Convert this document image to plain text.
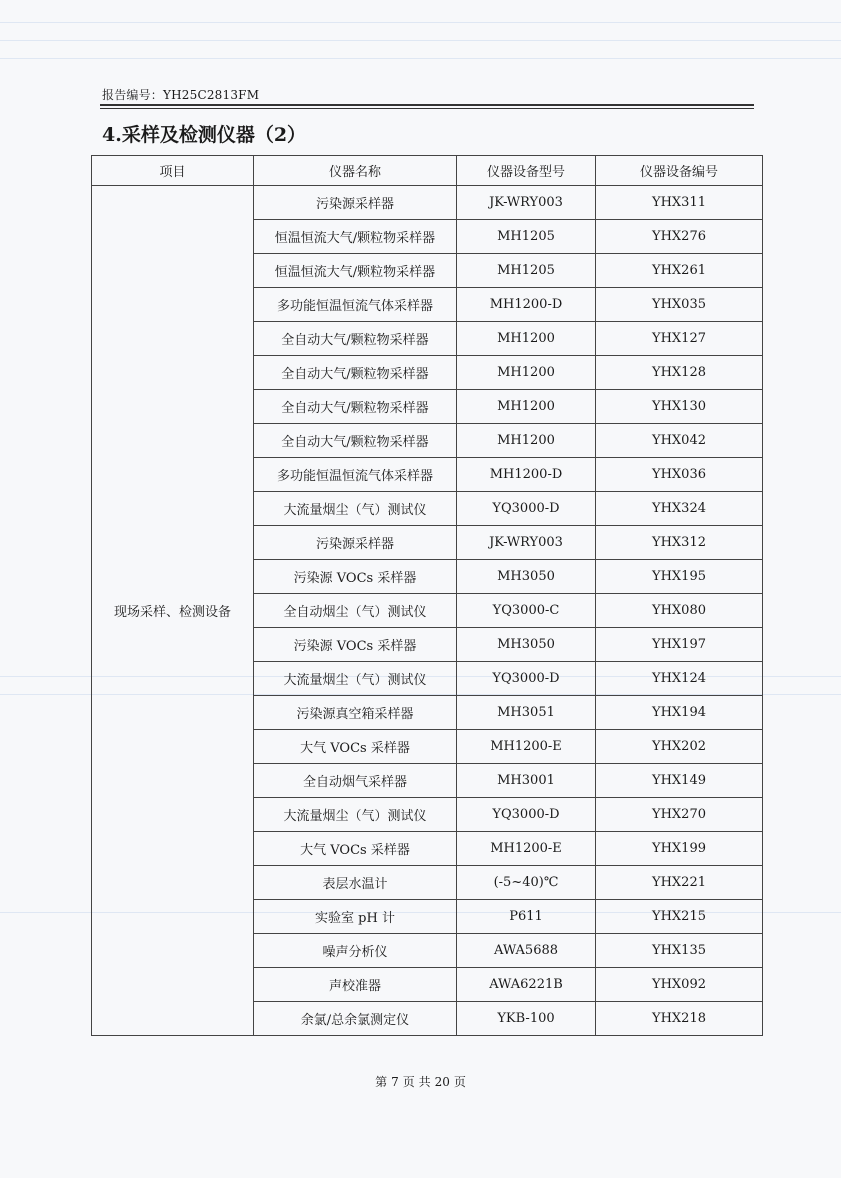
报告编号：YH25C2813FM
4.采样及检测仪器（2）
项目	仪器名称	仪器设备型号	仪器设备编号
现场采样、检测设备	污染源采样器	JK-WRY003	YHX311
	恒温恒流大气/颗粒物采样器	MH1205	YHX276
	恒温恒流大气/颗粒物采样器	MH1205	YHX261
	多功能恒温恒流气体采样器	MH1200-D	YHX035
	全自动大气/颗粒物采样器	MH1200	YHX127
	全自动大气/颗粒物采样器	MH1200	YHX128
	全自动大气/颗粒物采样器	MH1200	YHX130
	全自动大气/颗粒物采样器	MH1200	YHX042
	多功能恒温恒流气体采样器	MH1200-D	YHX036
	大流量烟尘（气）测试仪	YQ3000-D	YHX324
	污染源采样器	JK-WRY003	YHX312
	污染源 VOCs 采样器	MH3050	YHX195
	全自动烟尘（气）测试仪	YQ3000-C	YHX080
	污染源 VOCs 采样器	MH3050	YHX197
	大流量烟尘（气）测试仪	YQ3000-D	YHX124
	污染源真空箱采样器	MH3051	YHX194
	大气 VOCs 采样器	MH1200-E	YHX202
	全自动烟气采样器	MH3001	YHX149
	大流量烟尘（气）测试仪	YQ3000-D	YHX270
	大气 VOCs 采样器	MH1200-E	YHX199
	表层水温计	(-5~40)℃	YHX221
	实验室 pH 计	P611	YHX215
	噪声分析仪	AWA5688	YHX135
	声校准器	AWA6221B	YHX092
	余氯/总余氯测定仪	YKB-100	YHX218
第 7 页 共 20 页
